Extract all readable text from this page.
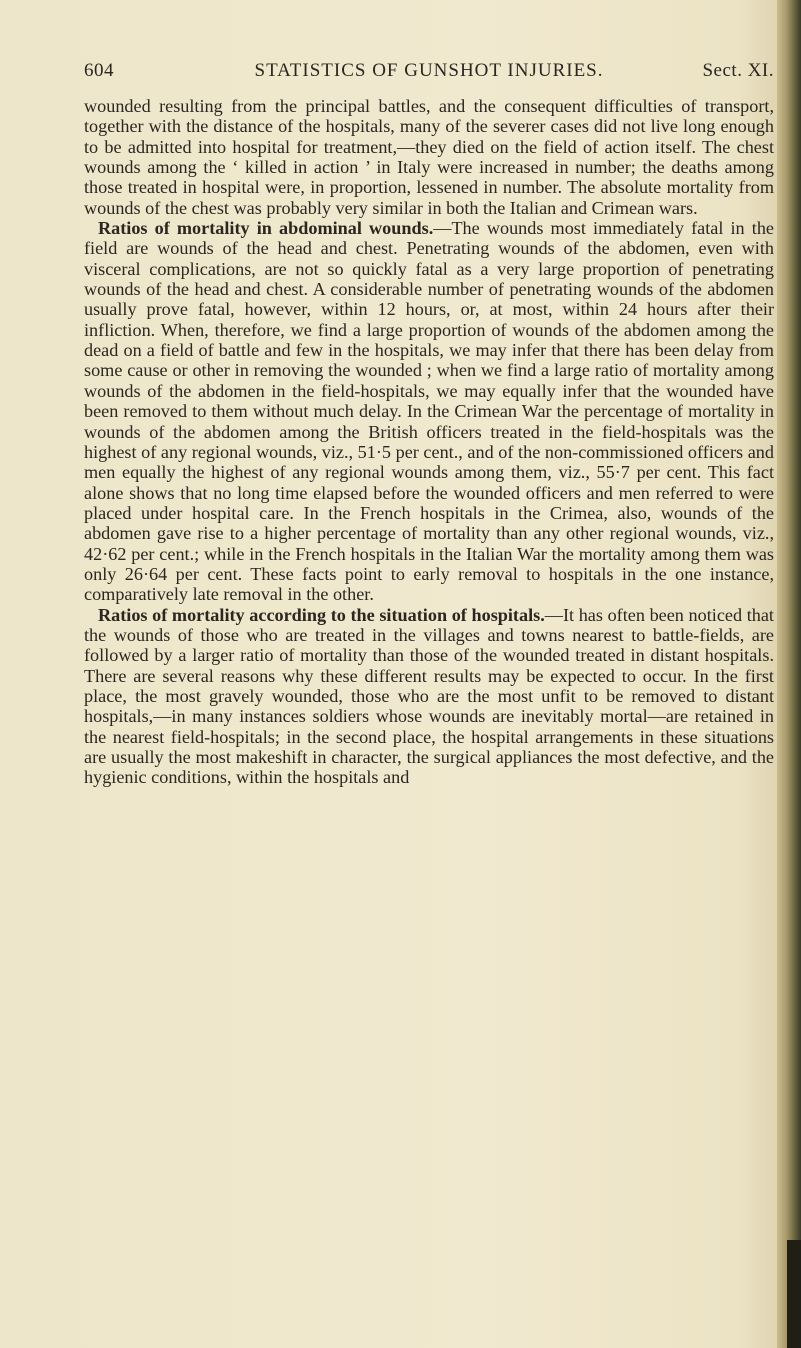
604	STATISTICS OF GUNSHOT INJURIES.	Sect. XI.

wounded resulting from the principal battles, and the consequent difficulties of transport, together with the distance of the hospitals, many of the severer cases did not live long enough to be admitted into hospital for treatment,—they died on the field of action itself. The chest wounds among the ‘ killed in action ’ in Italy were increased in number; the deaths among those treated in hospital were, in proportion, lessened in number. The absolute mortality from wounds of the chest was probably very similar in both the Italian and Crimean wars.

Ratios of mortality in abdominal wounds.—The wounds most immediately fatal in the field are wounds of the head and chest. Penetrating wounds of the abdomen, even with visceral complications, are not so quickly fatal as a very large proportion of penetrating wounds of the head and chest. A considerable number of penetrating wounds of the abdomen usually prove fatal, however, within 12 hours, or, at most, within 24 hours after their infliction. When, therefore, we find a large proportion of wounds of the abdomen among the dead on a field of battle and few in the hospitals, we may infer that there has been delay from some cause or other in removing the wounded ; when we find a large ratio of mortality among wounds of the abdomen in the field-hospitals, we may equally infer that the wounded have been removed to them without much delay. In the Crimean War the percentage of mortality in wounds of the abdomen among the British officers treated in the field-hospitals was the highest of any regional wounds, viz., 51·5 per cent., and of the non-commissioned officers and men equally the highest of any regional wounds among them, viz., 55·7 per cent. This fact alone shows that no long time elapsed before the wounded officers and men referred to were placed under hospital care. In the French hospitals in the Crimea, also, wounds of the abdomen gave rise to a higher percentage of mortality than any other regional wounds, viz., 42·62 per cent.; while in the French hospitals in the Italian War the mortality among them was only 26·64 per cent. These facts point to early removal to hospitals in the one instance, comparatively late removal in the other.

Ratios of mortality according to the situation of hospitals.—It has often been noticed that the wounds of those who are treated in the villages and towns nearest to battle-fields, are followed by a larger ratio of mortality than those of the wounded treated in distant hospitals. There are several reasons why these different results may be expected to occur. In the first place, the most gravely wounded, those who are the most unfit to be removed to distant hospitals,—in many instances soldiers whose wounds are inevitably mortal—are retained in the nearest field-hospitals; in the second place, the hospital arrangements in these situations are usually the most makeshift in character, the surgical appliances the most defective, and the hygienic conditions, within the hospitals and
